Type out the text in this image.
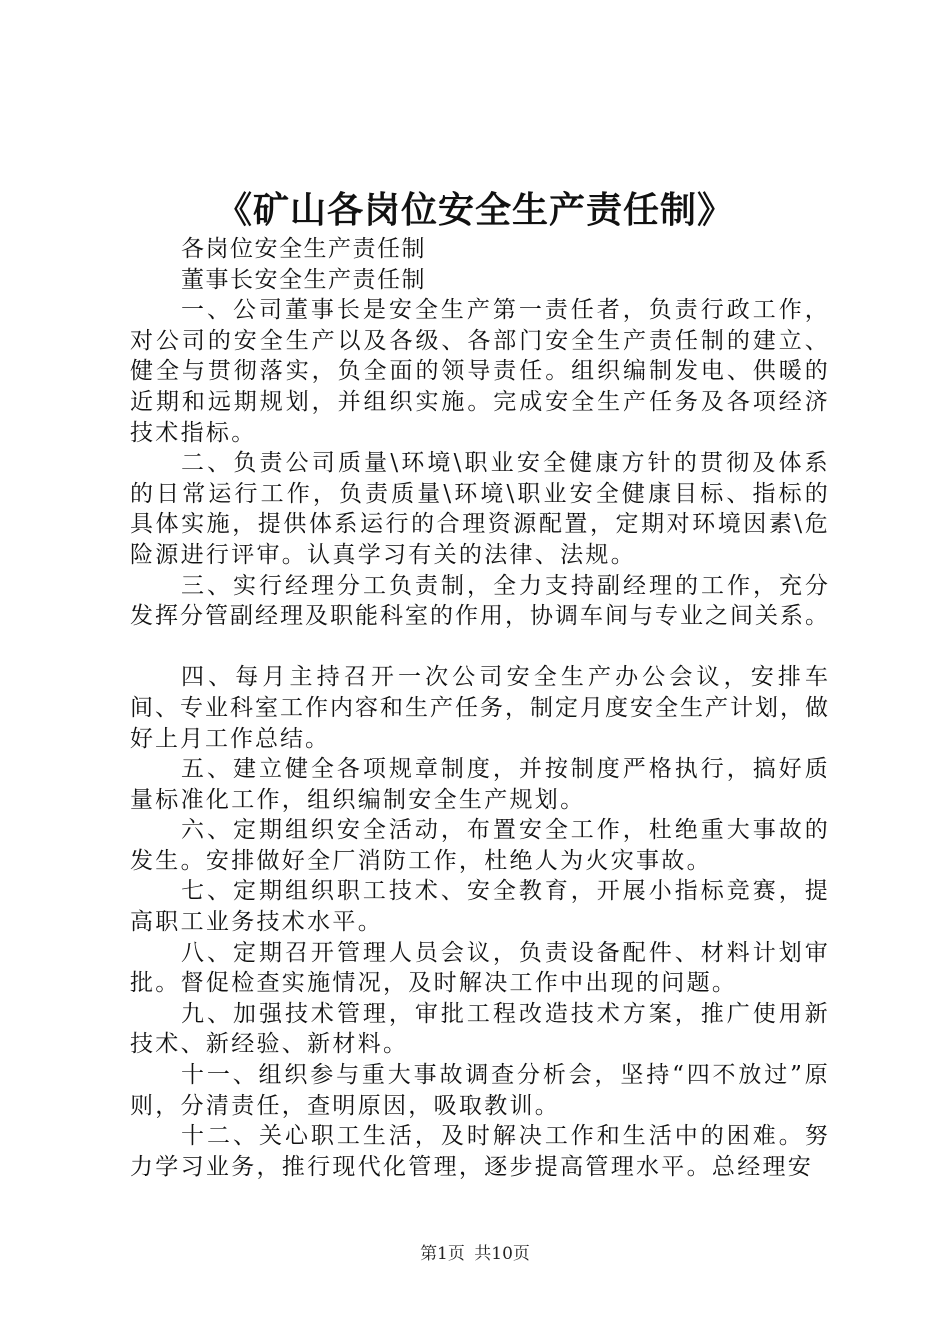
《矿山各岗位安全生产责任制》

各岗位安全生产责任制

董事长安全生产责任制

一、公司董事长是安全生产第一责任者，负责行政工作，对公司的安全生产以及各级、各部门安全生产责任制的建立、健全与贯彻落实，负全面的领导责任。组织编制发电、供暖的近期和远期规划，并组织实施。完成安全生产任务及各项经济技术指标。

二、负责公司质量\环境\职业安全健康方针的贯彻及体系的日常运行工作，负责质量\环境\职业安全健康目标、指标的具体实施，提供体系运行的合理资源配置，定期对环境因素\危险源进行评审。认真学习有关的法律、法规。

三、实行经理分工负责制，全力支持副经理的工作，充分发挥分管副经理及职能科室的作用，协调车间与专业之间关系。

四、每月主持召开一次公司安全生产办公会议，安排车间、专业科室工作内容和生产任务，制定月度安全生产计划，做好上月工作总结。

五、建立健全各项规章制度，并按制度严格执行，搞好质量标准化工作，组织编制安全生产规划。

六、定期组织安全活动，布置安全工作，杜绝重大事故的发生。安排做好全厂消防工作，杜绝人为火灾事故。

七、定期组织职工技术、安全教育，开展小指标竞赛，提高职工业务技术水平。

八、定期召开管理人员会议，负责设备配件、材料计划审批。督促检查实施情况，及时解决工作中出现的问题。

九、加强技术管理，审批工程改造技术方案，推广使用新技术、新经验、新材料。

十一、组织参与重大事故调查分析会，坚持“四不放过”原则，分清责任，查明原因，吸取教训。

十二、关心职工生活，及时解决工作和生活中的困难。努力学习业务，推行现代化管理，逐步提高管理水平。总经理安

第1页 共10页
